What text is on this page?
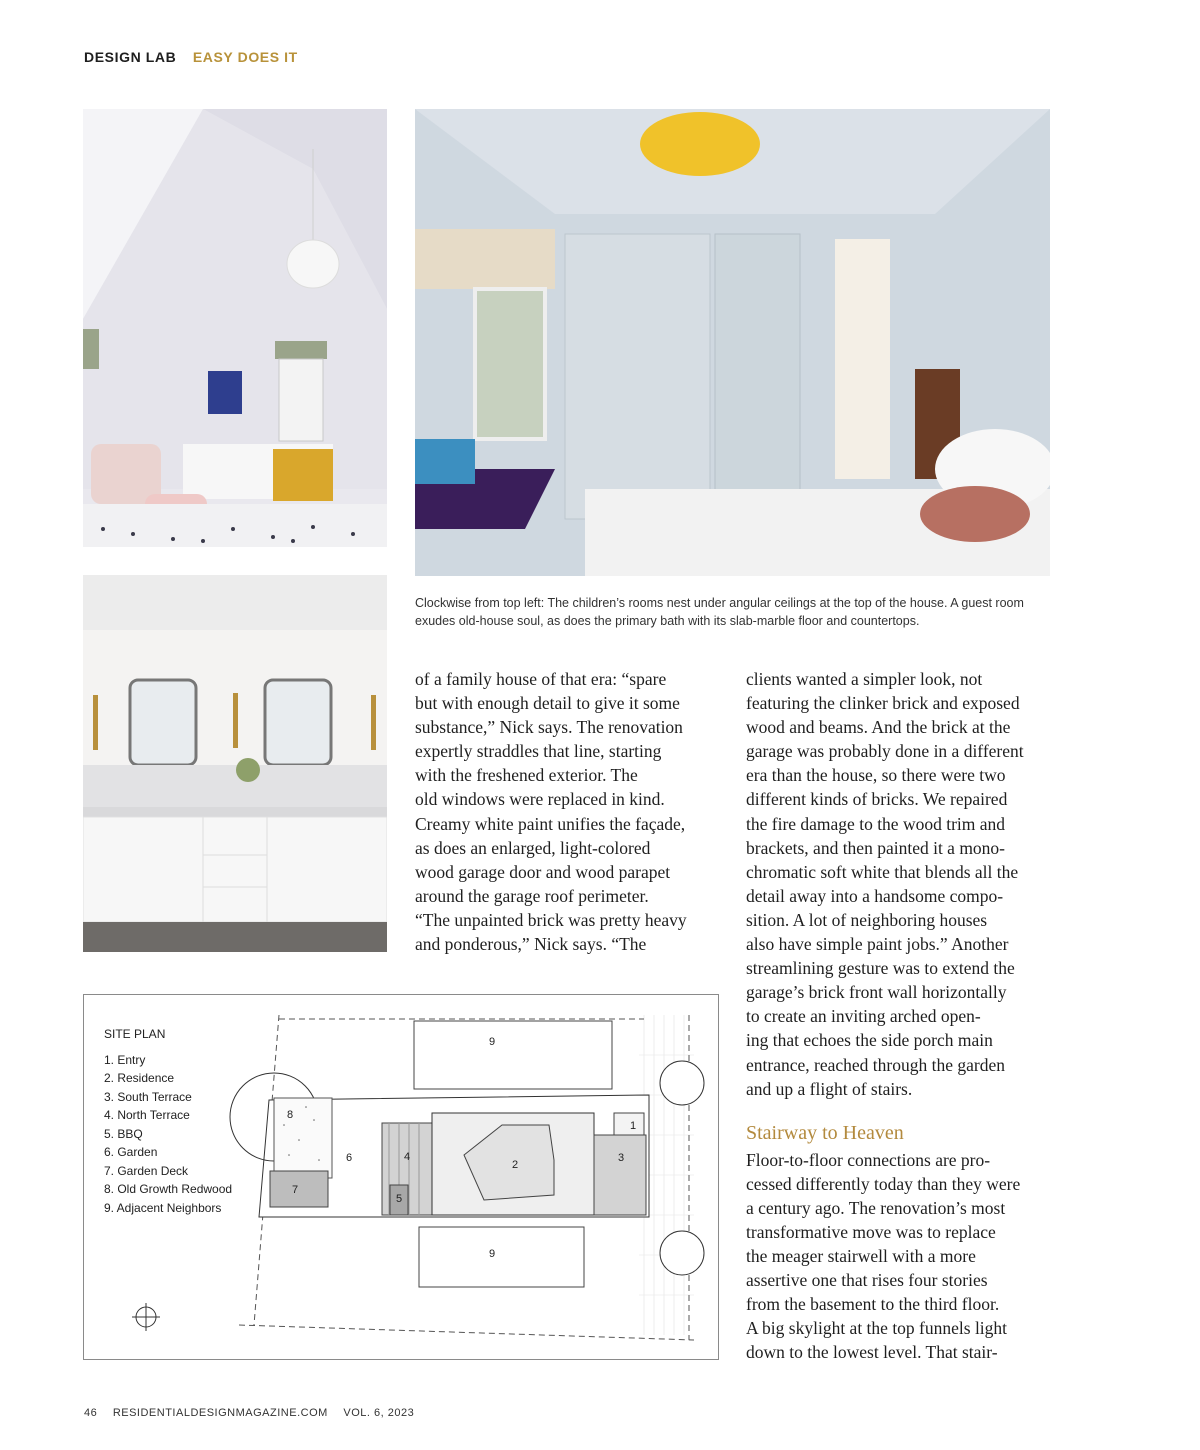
DESIGN LAB EASY DOES IT
Clockwise from top left: The children’s rooms nest under angular ceilings at the top of the house. A guest room exudes old-house soul, as does the primary bath with its slab-marble floor and countertops.
of a family house of that era: “spare
but with enough detail to give it some
substance,” Nick says. The renovation
expertly straddles that line, starting
with the freshened exterior. The
old windows were replaced in kind.
Creamy white paint unifies the façade,
as does an enlarged, light-colored
wood garage door and wood parapet
around the garage roof perimeter.
“The unpainted brick was pretty heavy
and ponderous,” Nick says. “The
clients wanted a simpler look, not
featuring the clinker brick and exposed
wood and beams. And the brick at the
garage was probably done in a different
era than the house, so there were two
different kinds of bricks. We repaired
the fire damage to the wood trim and
brackets, and then painted it a mono-
chromatic soft white that blends all the
detail away into a handsome compo-
sition. A lot of neighboring houses
also have simple paint jobs.” Another
streamlining gesture was to extend the
garage’s brick front wall horizontally
to create an inviting arched open-
ing that echoes the side porch main
entrance, reached through the garden
and up a flight of stairs.
Stairway to Heaven
Floor-to-floor connections are pro-
cessed differently today than they were
a century ago. The renovation’s most
transformative move was to replace
the meager stairwell with a more
assertive one that rises four stories
from the basement to the third floor.
A big skylight at the top funnels light
down to the lowest level. That stair-
SITE PLAN
1. Entry
2. Residence
3. South Terrace
4. North Terrace
5. BBQ
6. Garden
7. Garden Deck
8. Old Growth Redwood
9. Adjacent Neighbors
9
9
8
7
6	4
5
2
3
1
46 RESIDENTIALDESIGNMAGAZINE.COM VOL. 6, 2023
